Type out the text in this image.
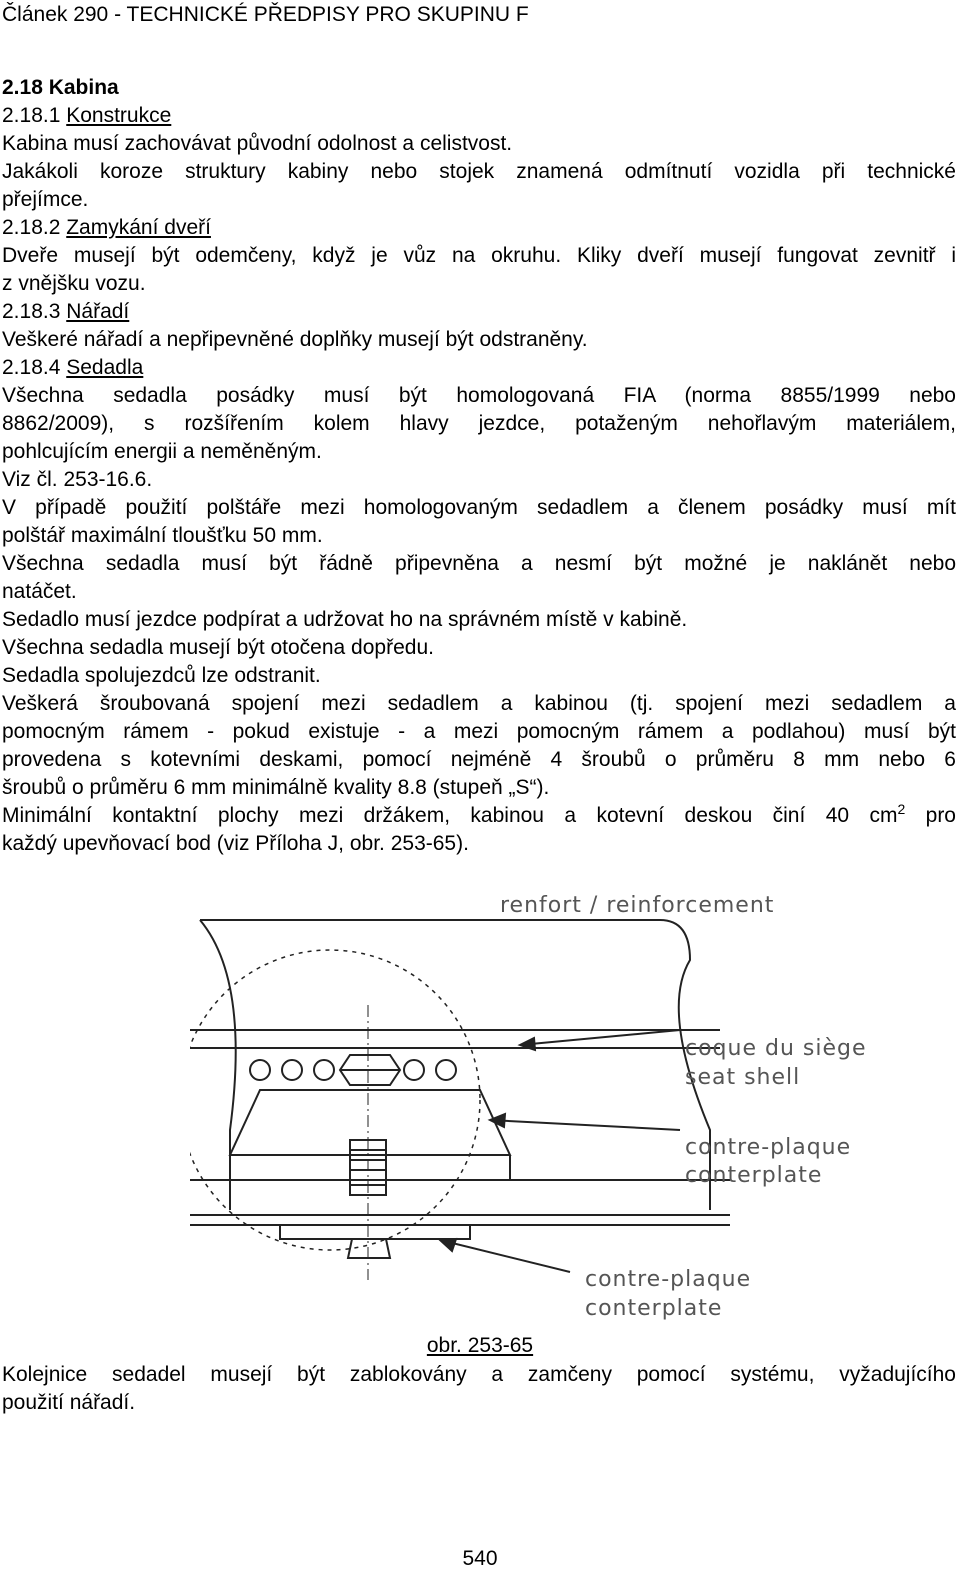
Článek 290 - TECHNICKÉ PŘEDPISY PRO SKUPINU F
2.18 Kabina
2.18.1 Konstrukce
Kabina musí zachovávat původní odolnost a celistvost.
Jakákoli koroze struktury kabiny nebo stojek znamená odmítnutí vozidla při technické
přejímce.
2.18.2 Zamykání dveří
Dveře musejí být odemčeny, když je vůz na okruhu. Kliky dveří musejí fungovat zevnitř i
z vnějšku vozu.
2.18.3 Nářadí
Veškeré nářadí a nepřipevněné doplňky musejí být odstraněny.
2.18.4 Sedadla
Všechna sedadla posádky musí být homologovaná FIA (norma 8855/1999 nebo
8862/2009), s rozšířením kolem hlavy jezdce, potaženým nehořlavým materiálem,
pohlcujícím energii a neměněným.
Viz čl. 253-16.6.
V případě použití polštáře mezi homologovaným sedadlem a členem posádky musí mít
polštář maximální tloušťku 50 mm.
Všechna sedadla musí být řádně připevněna a nesmí být možné je naklánět nebo
natáčet.
Sedadlo musí jezdce podpírat a udržovat ho na správném místě v kabině.
Všechna sedadla musejí být otočena dopředu.
Sedadla spolujezdců lze odstranit.
Veškerá šroubovaná spojení mezi sedadlem a kabinou (tj. spojení mezi sedadlem a
pomocným rámem - pokud existuje - a mezi pomocným rámem a podlahou) musí být
provedena s kotevními deskami, pomocí nejméně 4 šroubů o průměru 8 mm nebo 6
šroubů o průměru 6 mm minimálně kvality 8.8 (stupeň „S“).
Minimální kontaktní plochy mezi držákem, kabinou a kotevní deskou činí 40 $cm^2$ pro
každý upevňovací bod (viz Příloha J, obr. 253-65).
renfort / reinforcement
coque du siège
seat shell
contre-plaque
conterplate
contre-plaque
conterplate
obr. 253-65
Kolejnice sedadel musejí být zablokovány a zamčeny pomocí systému, vyžadujícího
použití nářadí.
540
